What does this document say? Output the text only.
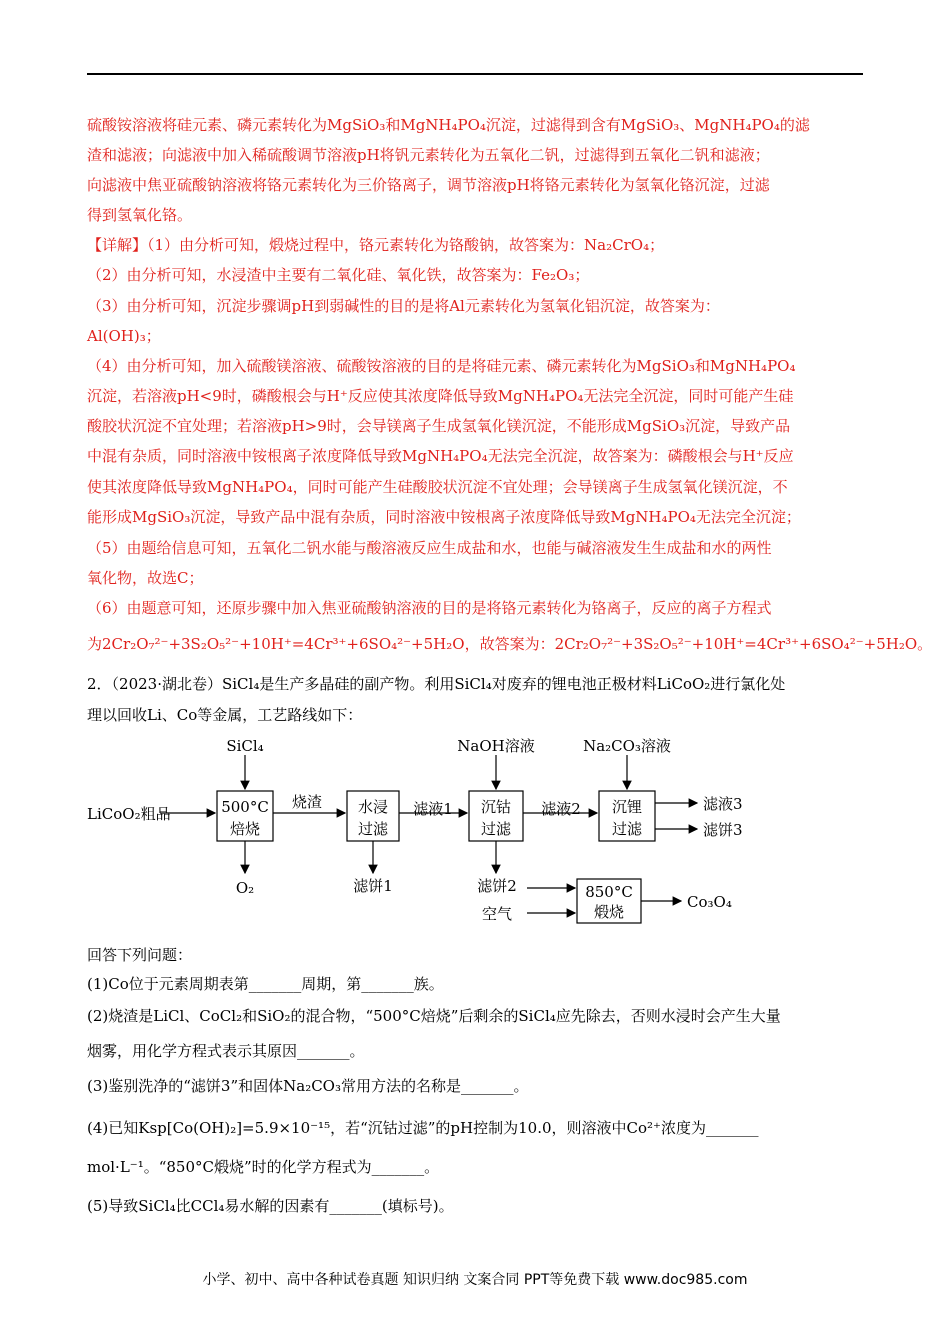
硫酸铵溶液将硅元素、磷元素转化为MgSiO₃和MgNH₄PO₄沉淀，过滤得到含有MgSiO₃、MgNH₄PO₄的滤
渣和滤液；向滤液中加入稀硫酸调节溶液pH将钒元素转化为五氧化二钒，过滤得到五氧化二钒和滤液；
向滤液中焦亚硫酸钠溶液将铬元素转化为三价铬离子，调节溶液pH将铬元素转化为氢氧化铬沉淀，过滤
得到氢氧化铬。
【详解】（1）由分析可知，煅烧过程中，铬元素转化为铬酸钠，故答案为：Na₂CrO₄；
（2）由分析可知，水浸渣中主要有二氧化硅、氧化铁，故答案为：Fe₂O₃；
（3）由分析可知，沉淀步骤调pH到弱碱性的目的是将Al元素转化为氢氧化铝沉淀，故答案为：
Al(OH)₃；
（4）由分析可知，加入硫酸镁溶液、硫酸铵溶液的目的是将硅元素、磷元素转化为MgSiO₃和MgNH₄PO₄
沉淀，若溶液pH<9时，磷酸根会与H⁺反应使其浓度降低导致MgNH₄PO₄无法完全沉淀，同时可能产生硅
酸胶状沉淀不宜处理；若溶液pH>9时，会导镁离子生成氢氧化镁沉淀，不能形成MgSiO₃沉淀，导致产品
中混有杂质，同时溶液中铵根离子浓度降低导致MgNH₄PO₄无法完全沉淀，故答案为：磷酸根会与H⁺反应
使其浓度降低导致MgNH₄PO₄，同时可能产生硅酸胶状沉淀不宜处理；会导镁离子生成氢氧化镁沉淀，不
能形成MgSiO₃沉淀，导致产品中混有杂质，同时溶液中铵根离子浓度降低导致MgNH₄PO₄无法完全沉淀；
（5）由题给信息可知，五氧化二钒水能与酸溶液反应生成盐和水，也能与碱溶液发生生成盐和水的两性
氧化物，故选C；
（6）由题意可知，还原步骤中加入焦亚硫酸钠溶液的目的是将铬元素转化为铬离子，反应的离子方程式
为2Cr₂O₇²⁻+3S₂O₅²⁻+10H⁺=4Cr³⁺+6SO₄²⁻+5H₂O，故答案为：2Cr₂O₇²⁻+3S₂O₅²⁻+10H⁺=4Cr³⁺+6SO₄²⁻+5H₂O。
2．（2023·湖北卷）SiCl₄是生产多晶硅的副产物。利用SiCl₄对废弃的锂电池正极材料LiCoO₂进行氯化处
理以回收Li、Co等金属，工艺路线如下：
LiCoO₂粗品
SiCl₄
500°C
焙烧
O₂
烧渣 水浸
过滤
滤饼1
滤液1
NaOH溶液
沉钴
过滤
滤饼2
滤液2
Na₂CO₃溶液
沉锂
过滤
滤液3
滤饼3
空气
850°C
煅烧
Co₃O₄
回答下列问题：
(1)Co位于元素周期表第_______周期，第_______族。
(2)烧渣是LiCl、CoCl₂和SiO₂的混合物，“500°C焙烧”后剩余的SiCl₄应先除去，否则水浸时会产生大量
烟雾，用化学方程式表示其原因_______。
(3)鉴别洗净的“滤饼3”和固体Na₂CO₃常用方法的名称是_______。
(4)已知Ksp[Co(OH)₂]=5.9×10⁻¹⁵，若“沉钴过滤”的pH控制为10.0，则溶液中Co²⁺浓度为_______
mol·L⁻¹。“850°C煅烧”时的化学方程式为_______。
(5)导致SiCl₄比CCl₄易水解的因素有_______(填标号)。
小学、初中、高中各种试卷真题 知识归纳 文案合同 PPT等免费下载 www.doc985.com
